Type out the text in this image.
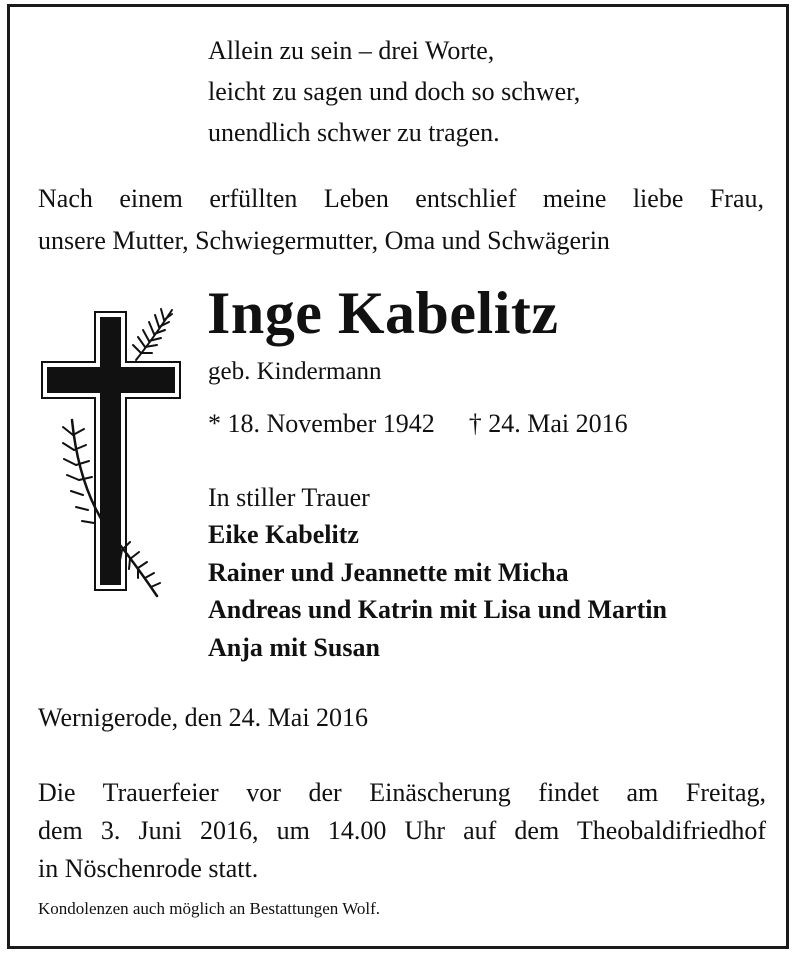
Allein zu sein – drei Worte,
leicht zu sagen und doch so schwer,
unendlich schwer zu tragen.
Nach einem erfüllten Leben entschlief meine liebe Frau,
unsere Mutter, Schwiegermutter, Oma und Schwägerin
Inge Kabelitz
geb. Kindermann
* 18. November 1942 † 24. Mai 2016
In stiller Trauer
Eike Kabelitz
Rainer und Jeannette mit Micha
Andreas und Katrin mit Lisa und Martin
Anja mit Susan
Wernigerode, den 24. Mai 2016
Die Trauerfeier vor der Einäscherung findet am Freitag,
dem 3. Juni 2016, um 14.00 Uhr auf dem Theobaldifriedhof
in Nöschenrode statt.
Kondolenzen auch möglich an Bestattungen Wolf.
